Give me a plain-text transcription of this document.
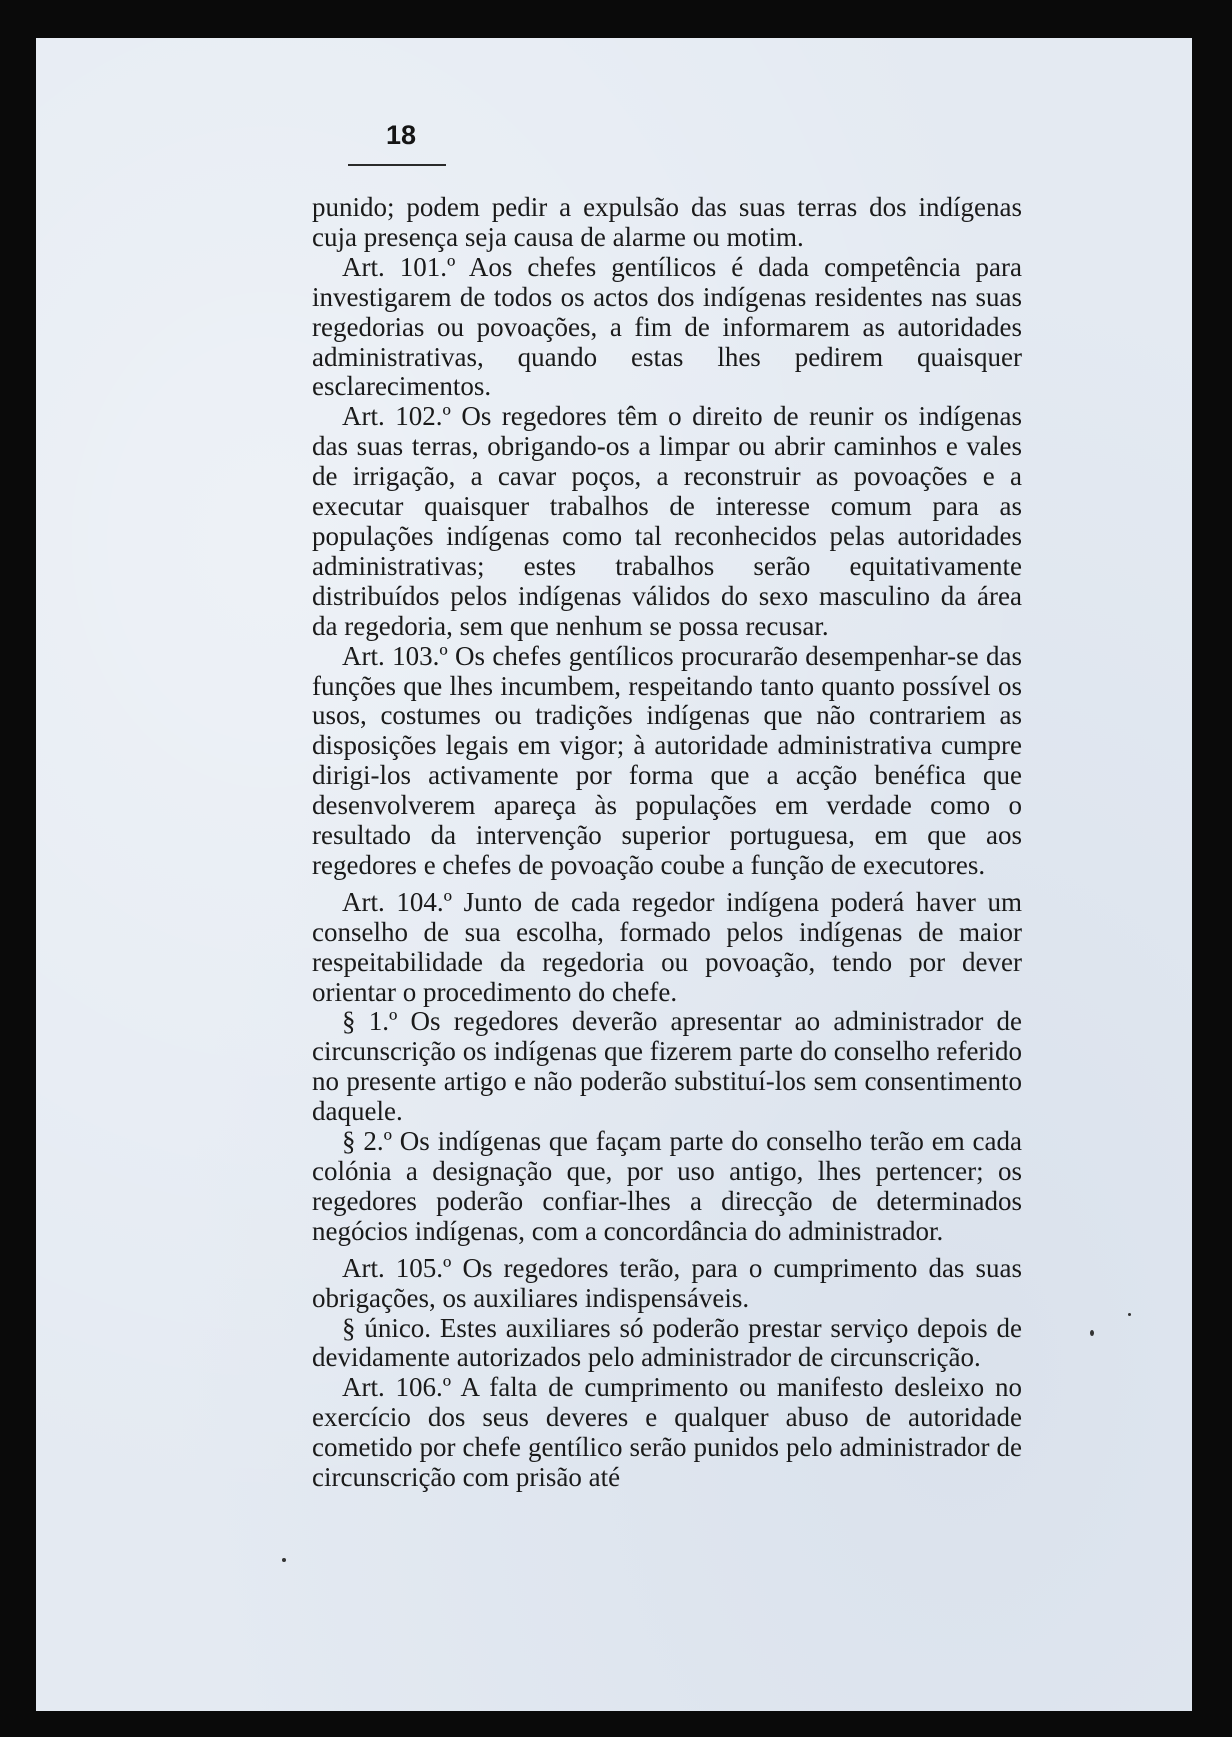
18

punido; podem pedir a expulsão das suas terras dos indígenas cuja presença seja causa de alarme ou motim.

Art. 101.º Aos chefes gentílicos é dada competência para investigarem de todos os actos dos indígenas residentes nas suas regedorias ou povoações, a fim de informarem as autoridades administrativas, quando estas lhes pedirem quaisquer esclarecimentos.

Art. 102.º Os regedores têm o direito de reunir os indígenas das suas terras, obrigando-os a limpar ou abrir caminhos e vales de irrigação, a cavar poços, a reconstruir as povoações e a executar quaisquer trabalhos de interesse comum para as populações indígenas como tal reconhecidos pelas autoridades administrativas; estes trabalhos serão equitativamente distribuídos pelos indígenas válidos do sexo masculino da área da regedoria, sem que nenhum se possa recusar.

Art. 103.º Os chefes gentílicos procurarão desempenhar-se das funções que lhes incumbem, respeitando tanto quanto possível os usos, costumes ou tradições indígenas que não contrariem as disposições legais em vigor; à autoridade administrativa cumpre dirigi-los activamente por forma que a acção benéfica que desenvolverem apareça às populações em verdade como o resultado da intervenção superior portuguesa, em que aos regedores e chefes de povoação coube a função de executores.

Art. 104.º Junto de cada regedor indígena poderá haver um conselho de sua escolha, formado pelos indígenas de maior respeitabilidade da regedoria ou povoação, tendo por dever orientar o procedimento do chefe.

§ 1.º Os regedores deverão apresentar ao administrador de circunscrição os indígenas que fizerem parte do conselho referido no presente artigo e não poderão substituí-los sem consentimento daquele.

§ 2.º Os indígenas que façam parte do conselho terão em cada colónia a designação que, por uso antigo, lhes pertencer; os regedores poderão confiar-lhes a direcção de determinados negócios indígenas, com a concordância do administrador.

Art. 105.º Os regedores terão, para o cumprimento das suas obrigações, os auxiliares indispensáveis.

§ único. Estes auxiliares só poderão prestar serviço depois de devidamente autorizados pelo administrador de circunscrição.

Art. 106.º A falta de cumprimento ou manifesto desleixo no exercício dos seus deveres e qualquer abuso de autoridade cometido por chefe gentílico serão punidos pelo administrador de circunscrição com prisão até
